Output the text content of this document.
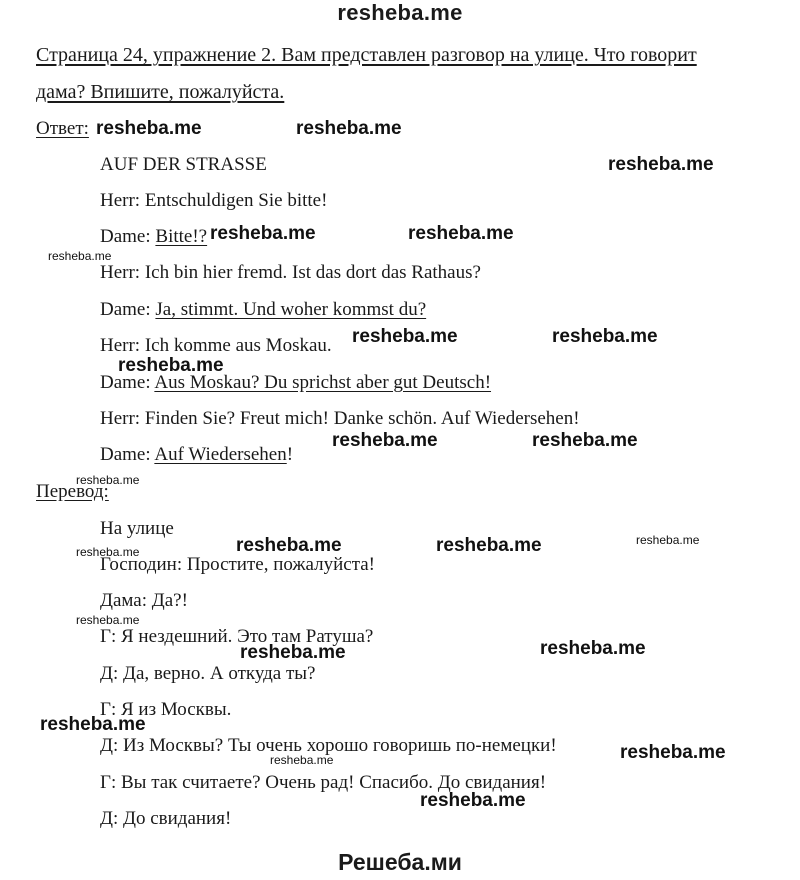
resheba.me
Страница 24, упражнение 2. Вам представлен разговор на улице. Что говорит
дама? Впишите, пожалуйста.
Ответ:
AUF DER STRASSE
Herr: Entschuldigen Sie bitte!
Dame: Bitte!?
Herr: Ich bin hier fremd. Ist das dort das Rathaus?
Dame: Ja, stimmt. Und woher kommst du?
Herr: Ich komme aus Moskau.
Dame: Aus Moskau? Du sprichst aber gut Deutsch!
Herr: Finden Sie? Freut mich! Danke schön. Auf Wiedersehen!
Dame: Auf Wiedersehen!
Перевод:
На улице
Господин: Простите, пожалуйста!
Дама: Да?!
Г: Я нездешний. Это там Ратуша?
Д: Да, верно. А откуда ты?
Г: Я из Москвы.
Д: Из Москвы? Ты очень хорошо говоришь по-немецки!
Г: Вы так считаете? Очень рад! Спасибо. До свидания!
Д: До свидания!
resheba.me	resheba.me
resheba.me
resheba.me	resheba.me
resheba.me
resheba.me	resheba.me
resheba.me
resheba.me	resheba.me
resheba.me
resheba.me	resheba.me	resheba.me
resheba.me
resheba.me
resheba.me
resheba.me
resheba.me
resheba.me
resheba.me
resheba.me
Решеба.ми
